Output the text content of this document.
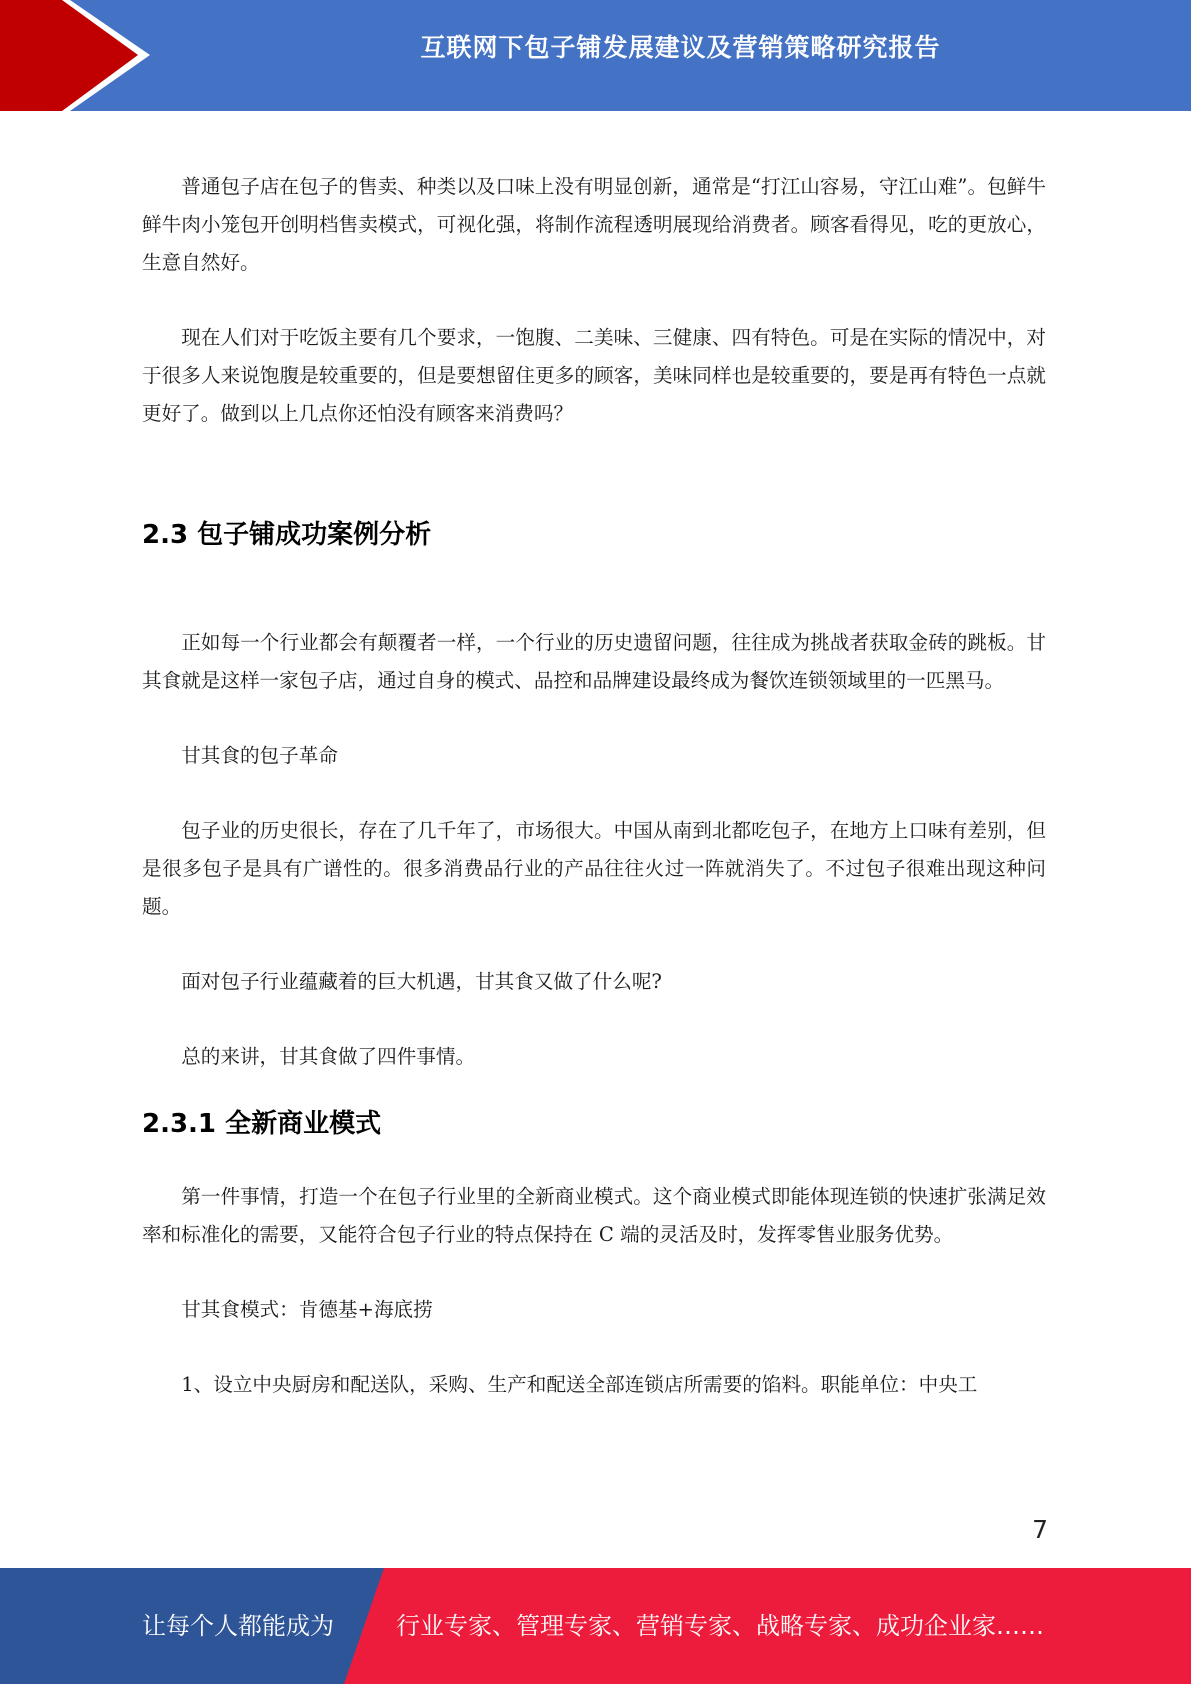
互联网下包子铺发展建议及营销策略研究报告

普通包子店在包子的售卖、种类以及口味上没有明显创新，通常是“打江山容易，守江山难”。包鲜牛鲜牛肉小笼包开创明档售卖模式，可视化强，将制作流程透明展现给消费者。顾客看得见，吃的更放心，生意自然好。

现在人们对于吃饭主要有几个要求，一饱腹、二美味、三健康、四有特色。可是在实际的情况中，对于很多人来说饱腹是较重要的，但是要想留住更多的顾客，美味同样也是较重要的，要是再有特色一点就更好了。做到以上几点你还怕没有顾客来消费吗？

2.3 包子铺成功案例分析

正如每一个行业都会有颠覆者一样，一个行业的历史遗留问题，往往成为挑战者获取金砖的跳板。甘其食就是这样一家包子店，通过自身的模式、品控和品牌建设最终成为餐饮连锁领域里的一匹黑马。

甘其食的包子革命

包子业的历史很长，存在了几千年了，市场很大。中国从南到北都吃包子，在地方上口味有差别，但是很多包子是具有广谱性的。很多消费品行业的产品往往火过一阵就消失了。不过包子很难出现这种问题。

面对包子行业蕴藏着的巨大机遇，甘其食又做了什么呢?

总的来讲，甘其食做了四件事情。

2.3.1 全新商业模式

第一件事情，打造一个在包子行业里的全新商业模式。这个商业模式即能体现连锁的快速扩张满足效率和标准化的需要，又能符合包子行业的特点保持在 C 端的灵活及时，发挥零售业服务优势。

甘其食模式：肯德基+海底捞

1、设立中央厨房和配送队，采购、生产和配送全部连锁店所需要的馅料。职能单位：中央工

7
让每个人都能成为	行业专家、管理专家、营销专家、战略专家、成功企业家……
